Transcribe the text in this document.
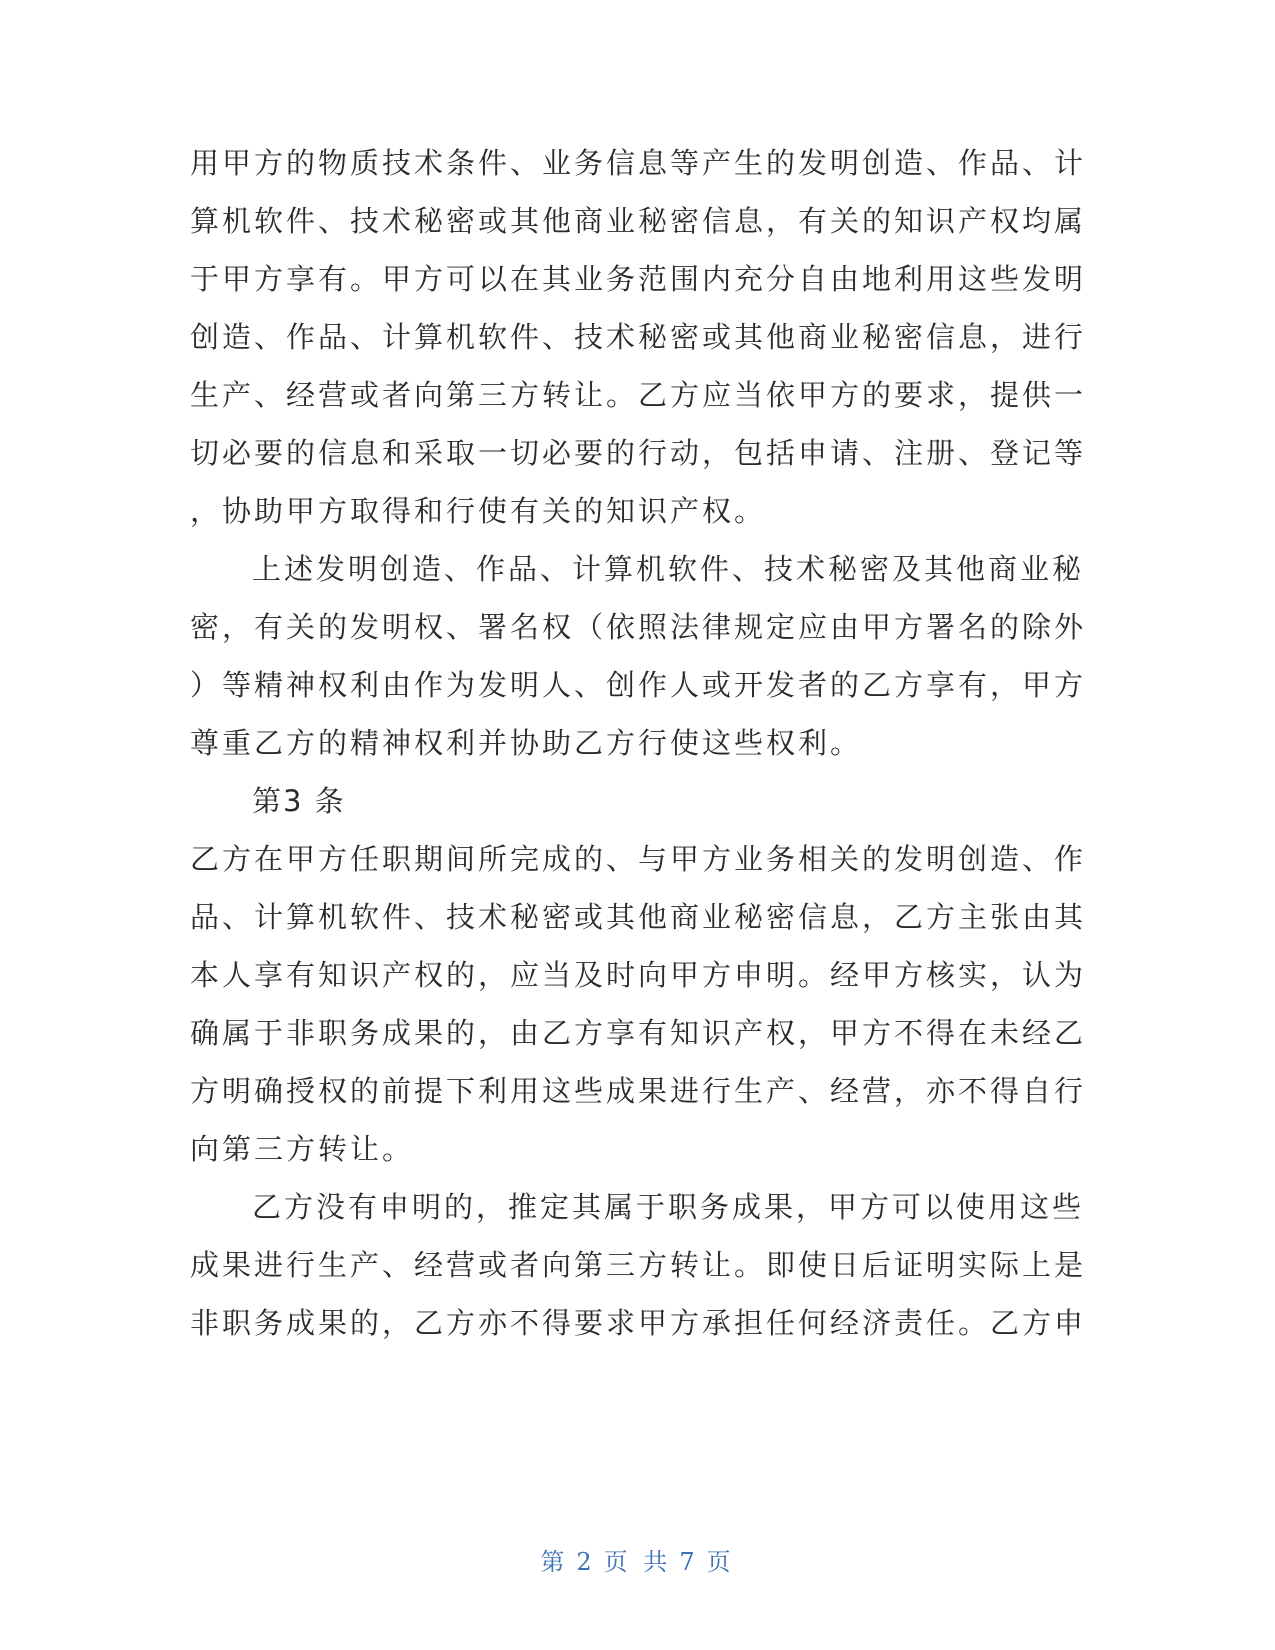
用甲方的物质技术条件、业务信息等产生的发明创造、作品、计
算机软件、技术秘密或其他商业秘密信息，有关的知识产权均属
于甲方享有。甲方可以在其业务范围内充分自由地利用这些发明
创造、作品、计算机软件、技术秘密或其他商业秘密信息，进行
生产、经营或者向第三方转让。乙方应当依甲方的要求，提供一
切必要的信息和采取一切必要的行动，包括申请、注册、登记等
，协助甲方取得和行使有关的知识产权。
上述发明创造、作品、计算机软件、技术秘密及其他商业秘
密，有关的发明权、署名权（依照法律规定应由甲方署名的除外
）等精神权利由作为发明人、创作人或开发者的乙方享有，甲方
尊重乙方的精神权利并协助乙方行使这些权利。
第3 条
乙方在甲方任职期间所完成的、与甲方业务相关的发明创造、作
品、计算机软件、技术秘密或其他商业秘密信息，乙方主张由其
本人享有知识产权的，应当及时向甲方申明。经甲方核实，认为
确属于非职务成果的，由乙方享有知识产权，甲方不得在未经乙
方明确授权的前提下利用这些成果进行生产、经营，亦不得自行
向第三方转让。
乙方没有申明的，推定其属于职务成果，甲方可以使用这些
成果进行生产、经营或者向第三方转让。即使日后证明实际上是
非职务成果的，乙方亦不得要求甲方承担任何经济责任。乙方申
第 2 页 共 7 页
